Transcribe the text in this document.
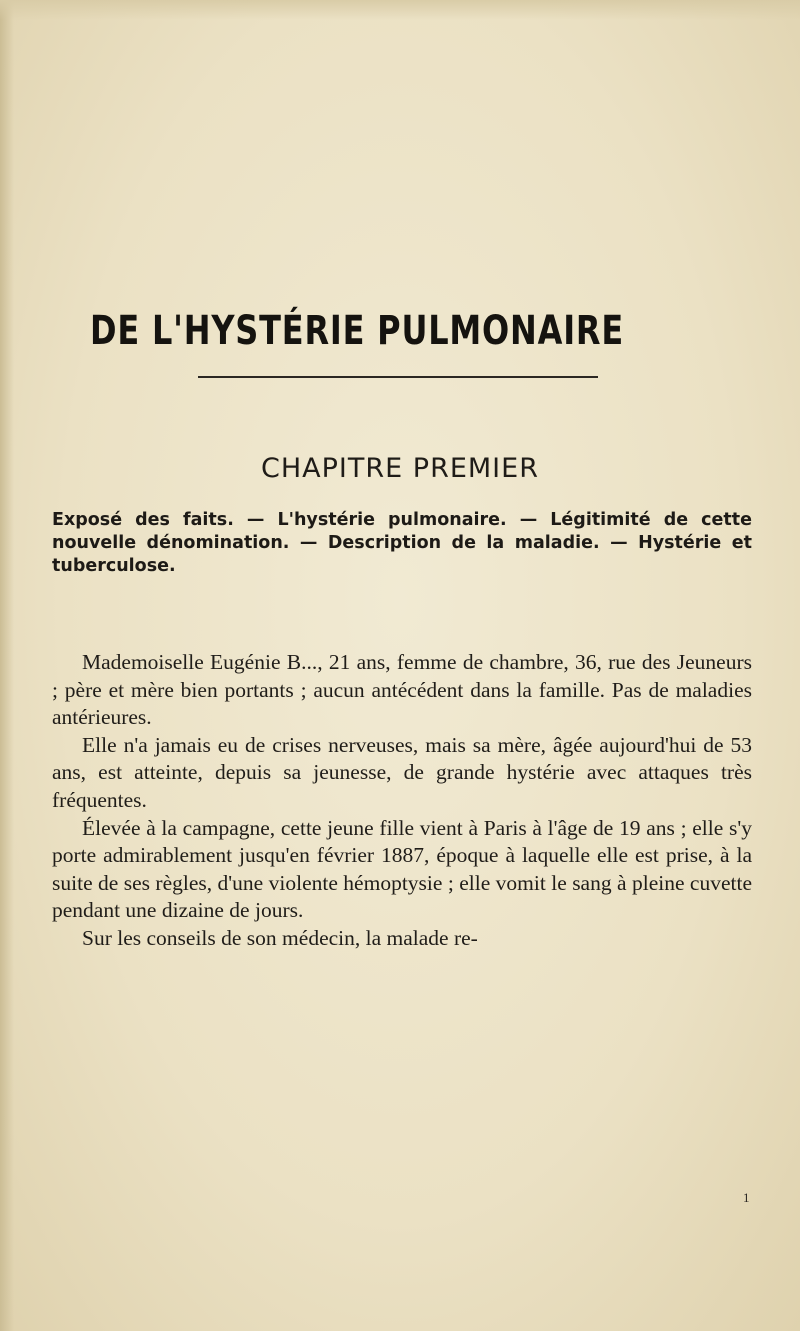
DE L'HYSTÉRIE PULMONAIRE
CHAPITRE PREMIER
Exposé des faits. — L'hystérie pulmonaire. — Légitimité de cette nouvelle dénomination. — Description de la maladie. — Hystérie et tuberculose.

Mademoiselle Eugénie B..., 21 ans, femme de chambre, 36, rue des Jeuneurs ; père et mère bien portants ; aucun antécédent dans la famille. Pas de maladies antérieures.

Elle n'a jamais eu de crises nerveuses, mais sa mère, âgée aujourd'hui de 53 ans, est atteinte, depuis sa jeunesse, de grande hystérie avec attaques très fréquentes.

Élevée à la campagne, cette jeune fille vient à Paris à l'âge de 19 ans ; elle s'y porte admirablement jusqu'en février 1887, époque à laquelle elle est prise, à la suite de ses règles, d'une violente hémoptysie ; elle vomit le sang à pleine cuvette pendant une dizaine de jours.

Sur les conseils de son médecin, la malade re-

1
